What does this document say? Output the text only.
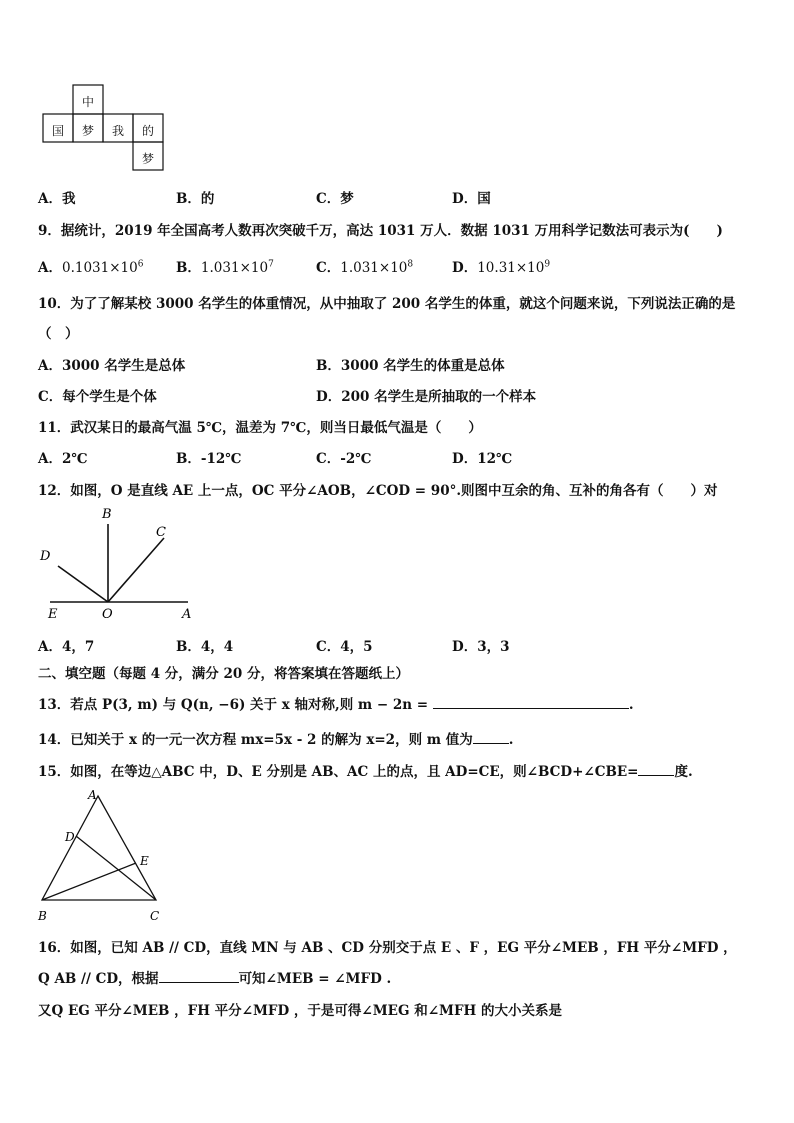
中
国 梦 我 的
梦
A．我	B．的	C．梦	D．国
9．据统计，2019 年全国高考人数再次突破千万，高达 1031 万人．数据 1031 万用科学记数法可表示为(　　)
A．$0.1031\times 10^6$ B．$1.031\times 10^7$	C．$1.031\times 10^8$	D．$10.31\times 10^9$
10．为了了解某校 3000 名学生的体重情况，从中抽取了 200 名学生的体重，就这个问题来说，下列说法正确的是
（　）
A．3000 名学生是总体	B．3000 名学生的体重是总体
C．每个学生是个体	D．200 名学生是所抽取的一个样本
11．武汉某日的最高气温 5℃，温差为 7℃，则当日最低气温是（　　）
A．2℃	B．-12℃	C．-2℃	D．12℃
12．如图，O 是直线 AE 上一点，OC 平分∠AOB，∠COD = 90°.则图中互余的角、互补的角各有（　　）对
B
C
D
E	O	A
A．4，7	B．4，4	C．4，5	D．3，3
二、填空题（每题 4 分，满分 20 分，将答案填在答题纸上）
13．若点 P(3, m) 与 Q(n, −6) 关于 x 轴对称,则 m − 2n =	.
14．已知关于 x 的一元一次方程 mx=5x - 2 的解为 x=2，则 m 值为	.
15．如图，在等边△ABC 中，D、E 分别是 AB、AC 上的点，且 AD=CE，则∠BCD+∠CBE=	度.
A
D
E
B	C
16．如图，已知 AB // CD，直线 MN 与 AB 、CD 分别交于点 E 、F ，EG 平分∠MEB ，FH 平分∠MFD ，
Q AB // CD，根据	可知∠MEB = ∠MFD .
又Q EG 平分∠MEB ，FH 平分∠MFD ，于是可得∠MEG 和∠MFH 的大小关系是
